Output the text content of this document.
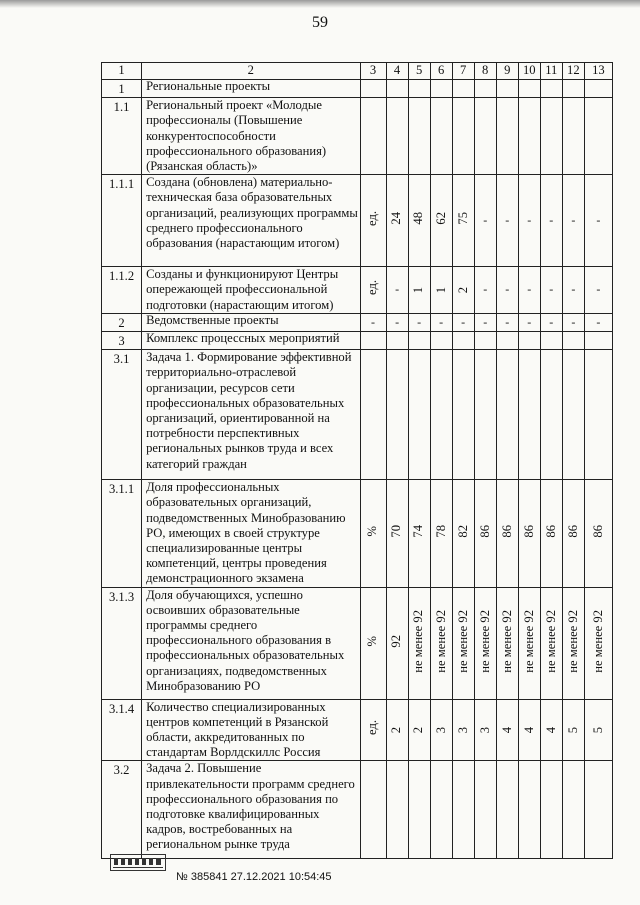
59
1	2	3	4	5	6	7	8	9	10	11	12	13
1	Региональные проекты											
1.1	Региональный проект «Молодые профессионалы (Повышение конкурентоспособности профессионального образования) (Рязанская область)»											
1.1.1	Создана (обновлена) материально-техническая база образовательных организаций, реализующих программы среднего профессионального образования (нарастающим итогом)	ед.	24	48	62	75	-	-	-	-	-	-
1.1.2	Созданы и функционируют Центры опережающей профессиональной подготовки (нарастающим итогом)	ед.	-	1	1	2	-	-	-	-	-	-
2	Ведомственные проекты	-	-	-	-	-	-	-	-	-	-	-
3	Комплекс процессных мероприятий											
3.1	Задача 1. Формирование эффективной территориально-отраслевой организации, ресурсов сети профессиональных образовательных организаций, ориентированной на потребности перспективных региональных рынков труда и всех категорий граждан											
3.1.1	Доля профессиональных образовательных организаций, подведомственных Минобразованию РО, имеющих в своей структуре специализированные центры компетенций, центры проведения демонстрационного экзамена	%	70	74	78	82	86	86	86	86	86	86
3.1.3	Доля обучающихся, успешно освоивших образовательные программы среднего профессионального образования в профессиональных образовательных организациях, подведомственных Минобразованию РО	%	92	не менее 92	не менее 92	не менее 92	не менее 92	не менее 92	не менее 92	не менее 92	не менее 92	не менее 92
3.1.4	Количество специализированных центров компетенций в Рязанской области, аккредитованных по стандартам Ворлдскиллс Россия	ед.	2	2	3	3	3	4	4	4	5	5
3.2	Задача 2. Повышение привлекательности программ среднего профессионального образования по подготовке квалифицированных кадров, востребованных на региональном рынке труда											
№ 385841 27.12.2021 10:54:45
